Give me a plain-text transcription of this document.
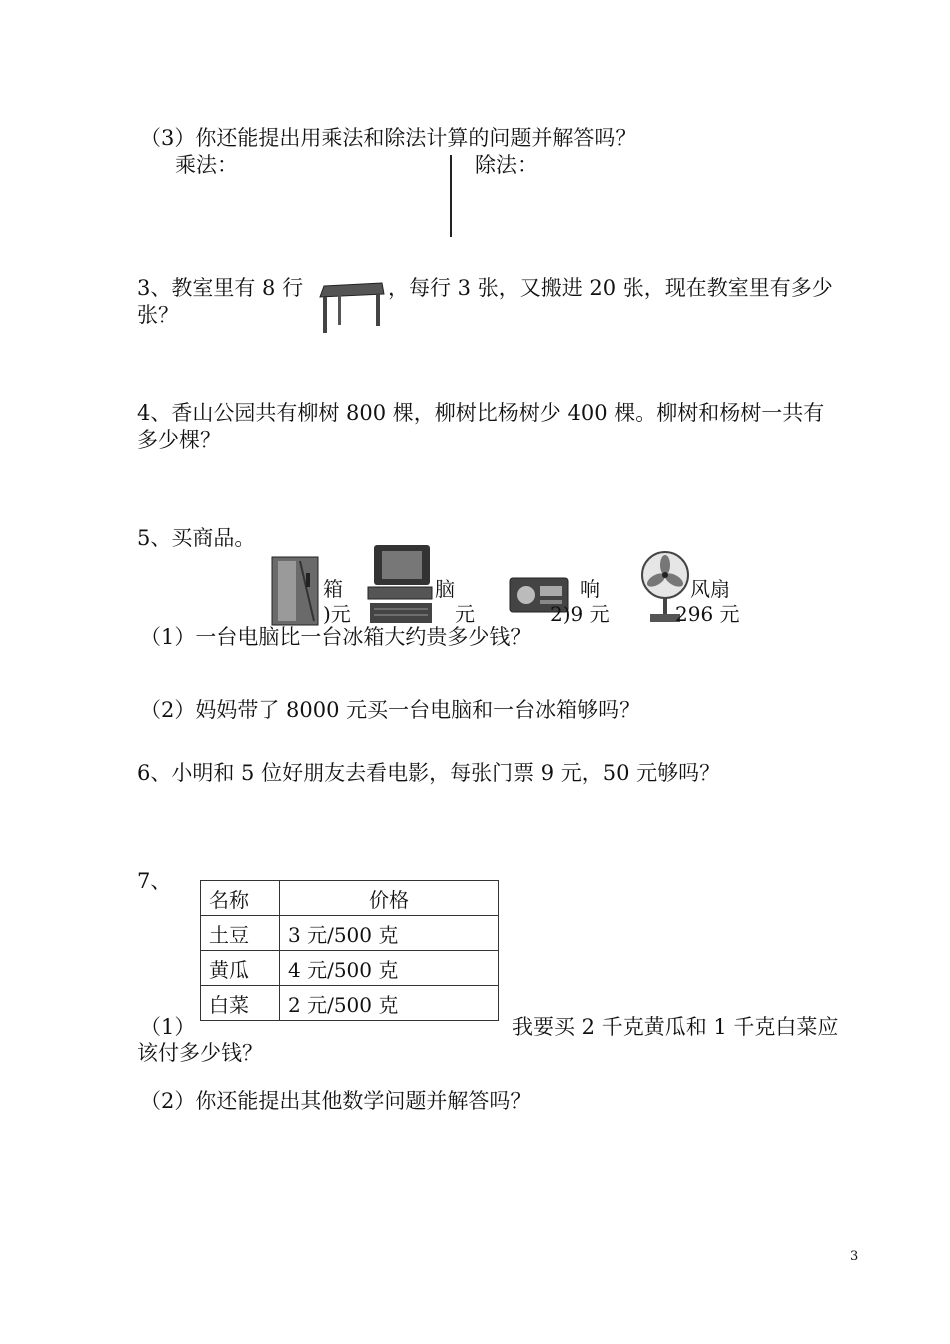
（3）你还能提出用乘法和除法计算的问题并解答吗？
乘法：	除法：
3、教室里有 8 行	，每行 3 张，又搬进 20 张，现在教室里有多少
张？
4、香山公园共有柳树 800 棵，柳树比杨树少 400 棵。柳树和杨树一共有
多少棵？
5、买商品。
箱
)元
脑
元
响
2)9 元
风扇
296 元
（1）一台电脑比一台冰箱大约贵多少钱？
（2）妈妈带了 8000 元买一台电脑和一台冰箱够吗？
6、小明和 5 位好朋友去看电影，每张门票 9 元，50 元够吗？
7、
名称	价格
土豆	3 元/500 克
黄瓜	4 元/500 克
白菜	2 元/500 克
（1）	我要买 2 千克黄瓜和 1 千克白菜应
该付多少钱？
（2）你还能提出其他数学问题并解答吗？
3
